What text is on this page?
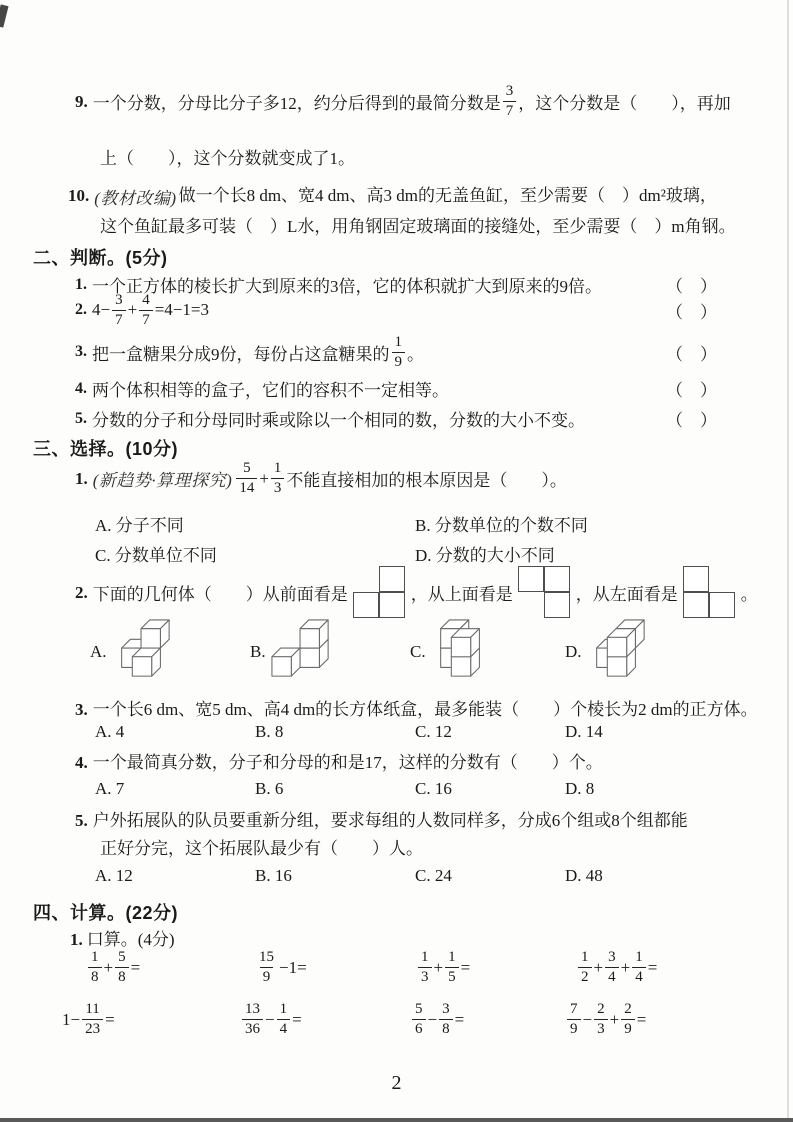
9. 一个分数，分母比分子多12，约分后得到的最简分数是 $\frac{3}{7}$ ，这个分数是（　　），再加
上（　　），这个分数就变成了1。
10. (教材改编) 做一个长8 dm、宽4 dm、高3 dm的无盖鱼缸，至少需要（　）dm²玻璃，
这个鱼缸最多可装（　）L水，用角钢固定玻璃面的接缝处，至少需要（　）m角钢。
二、判断。(5分)
1. 一个正方体的棱长扩大到原来的3倍，它的体积就扩大到原来的9倍。	（　）
2. $4- \frac{3}{7} + \frac{4}{7} =4-1=3$	（　）
3. 把一盒糖果分成9份，每份占这盒糖果的 $\frac{1}{9}$ 。	（　）
4. 两个体积相等的盒子，它们的容积不一定相等。	（　）
5. 分数的分子和分母同时乘或除以一个相同的数，分数的大小不变。	（　）
三、选择。(10分)
1. (新趋势·算理探究) $\frac{5}{14} + \frac{1}{3}$ 不能直接相加的根本原因是（　　）。
A. 分子不同	B. 分数单位的个数不同
C. 分数单位不同	D. 分数的大小不同
2. 下面的几何体（　　）从前面看是	，从上面看是	，从左面看是	。
A.	B.	C.	D.
3. 一个长6 dm、宽5 dm、高4 dm的长方体纸盒，最多能装（　　）个棱长为2 dm的正方体。
A. 4	B. 8	C. 12	D. 14
4. 一个最简真分数，分子和分母的和是17，这样的分数有（　　）个。
A. 7	B. 6	C. 16	D. 8
5. 户外拓展队的队员要重新分组，要求每组的人数同样多，分成6个组或8个组都能
正好分完，这个拓展队最少有（　　）人。
A. 12	B. 16	C. 24	D. 48
四、计算。(22分)
1. 口算。(4分)
$\frac{1}{8} + \frac{5}{8}$ =	$\frac{15}{9} -1=$	$\frac{1}{3} + \frac{1}{5}$ =	$\frac{1}{2} + \frac{3}{4} + \frac{1}{4}$ =
$1- \frac{11}{23}$ =	$\frac{13}{36} - \frac{1}{4}$ =	$\frac{5}{6} - \frac{3}{8}$ =	$\frac{7}{9} - \frac{2}{3} + \frac{2}{9}$ =
2
